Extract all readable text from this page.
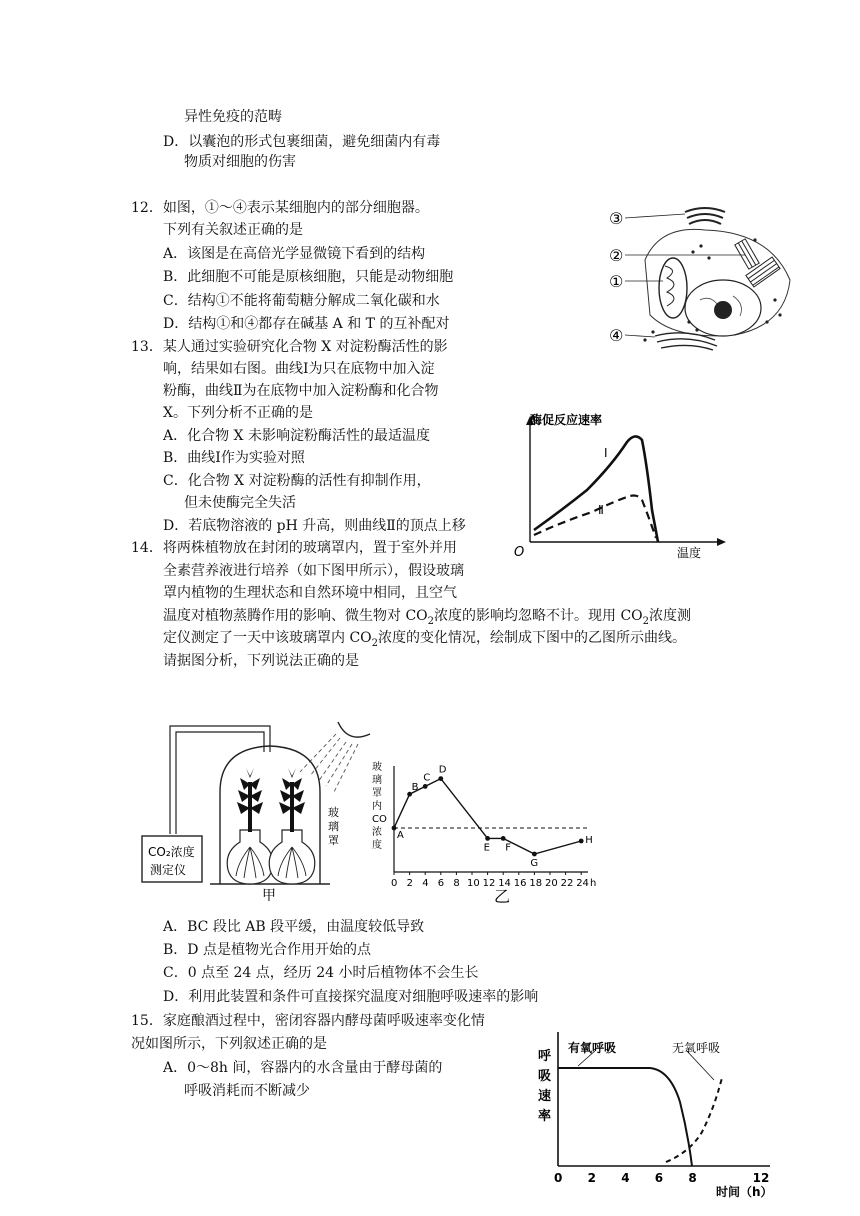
异性免疫的范畴
D．以囊泡的形式包裹细菌，避免细菌内有毒
物质对细胞的伤害
12．如图，①～④表示某细胞内的部分细胞器。
下列有关叙述正确的是
A．该图是在高倍光学显微镜下看到的结构
B．此细胞不可能是原核细胞，只能是动物细胞
C．结构①不能将葡萄糖分解成二氧化碳和水
D．结构①和④都存在碱基 A 和 T 的互补配对
③
②
①
④
13．某人通过实验研究化合物 X 对淀粉酶活性的影
响，结果如右图。曲线Ⅰ为只在底物中加入淀
粉酶，曲线Ⅱ为在底物中加入淀粉酶和化合物
X。下列分析不正确的是
A．化合物 X 未影响淀粉酶活性的最适温度
B．曲线Ⅰ作为实验对照
C．化合物 X 对淀粉酶的活性有抑制作用，
但未使酶完全失活
D．若底物溶液的 pH 升高，则曲线Ⅱ的顶点上移
酶促反应速率
O	温度
Ⅰ
Ⅱ
14．将两株植物放在封闭的玻璃罩内，置于室外并用
全素营养液进行培养（如下图甲所示），假设玻璃
罩内植物的生理状态和自然环境中相同，且空气
温度对植物蒸腾作用的影响、微生物对 $CO_2$浓度的影响均忽略不计。现用 $CO_2$浓度测
定仪测定了一天中该玻璃罩内 $CO_2$浓度的变化情况，绘制成下图中的乙图所示曲线。
请据图分析，下列说法正确的是
CO₂浓度
测定仪
玻
璃
罩
甲
玻
璃
罩
内
CO
浓
度
0 2 4 6 8 10 12 14 16 18 20 22 24
A
B
C
D
E F
G
H
h
乙
A．BC 段比 AB 段平缓，由温度较低导致
B．D 点是植物光合作用开始的点
C．0 点至 24 点，经历 24 小时后植物体不会生长
D．利用此装置和条件可直接探究温度对细胞呼吸速率的影响
15．家庭酿酒过程中，密闭容器内酵母菌呼吸速率变化情
况如图所示，下列叙述正确的是
A．0～8h 间，容器内的水含量由于酵母菌的
呼吸消耗而不断减少
呼
吸
速
率
有氧呼吸	无氧呼吸
0 2 4 6 8	12
时间（h）
